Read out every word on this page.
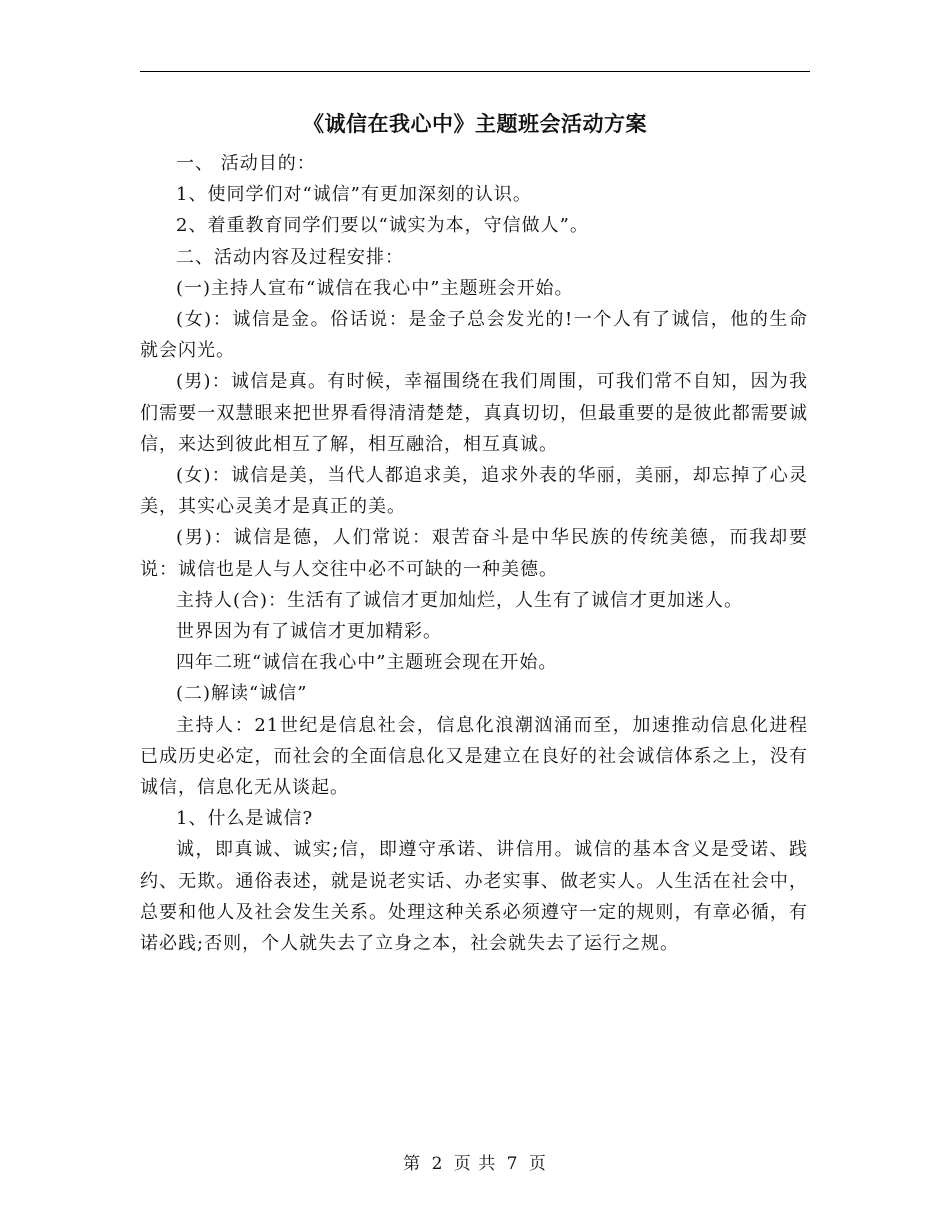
《诚信在我心中》主题班会活动方案

一、 活动目的：

1、使同学们对“诚信”有更加深刻的认识。

2、着重教育同学们要以“诚实为本，守信做人”。

二、活动内容及过程安排：

(一)主持人宣布“诚信在我心中”主题班会开始。

(女)：诚信是金。俗话说：是金子总会发光的!一个人有了诚信，他的生命就会闪光。

(男)：诚信是真。有时候，幸福围绕在我们周围，可我们常不自知，因为我们需要一双慧眼来把世界看得清清楚楚，真真切切，但最重要的是彼此都需要诚信，来达到彼此相互了解，相互融洽，相互真诚。

(女)：诚信是美，当代人都追求美，追求外表的华丽，美丽，却忘掉了心灵美，其实心灵美才是真正的美。

(男)：诚信是德，人们常说：艰苦奋斗是中华民族的传统美德，而我却要说：诚信也是人与人交往中必不可缺的一种美德。

主持人(合)：生活有了诚信才更加灿烂，人生有了诚信才更加迷人。

世界因为有了诚信才更加精彩。

四年二班“诚信在我心中”主题班会现在开始。

(二)解读“诚信”

主持人：21世纪是信息社会，信息化浪潮汹涌而至，加速推动信息化进程已成历史必定，而社会的全面信息化又是建立在良好的社会诚信体系之上，没有诚信，信息化无从谈起。

1、什么是诚信?

诚，即真诚、诚实;信，即遵守承诺、讲信用。诚信的基本含义是受诺、践约、无欺。通俗表述，就是说老实话、办老实事、做老实人。人生活在社会中，总要和他人及社会发生关系。处理这种关系必须遵守一定的规则，有章必循，有诺必践;否则，个人就失去了立身之本，社会就失去了运行之规。

第 2 页 共 7 页
